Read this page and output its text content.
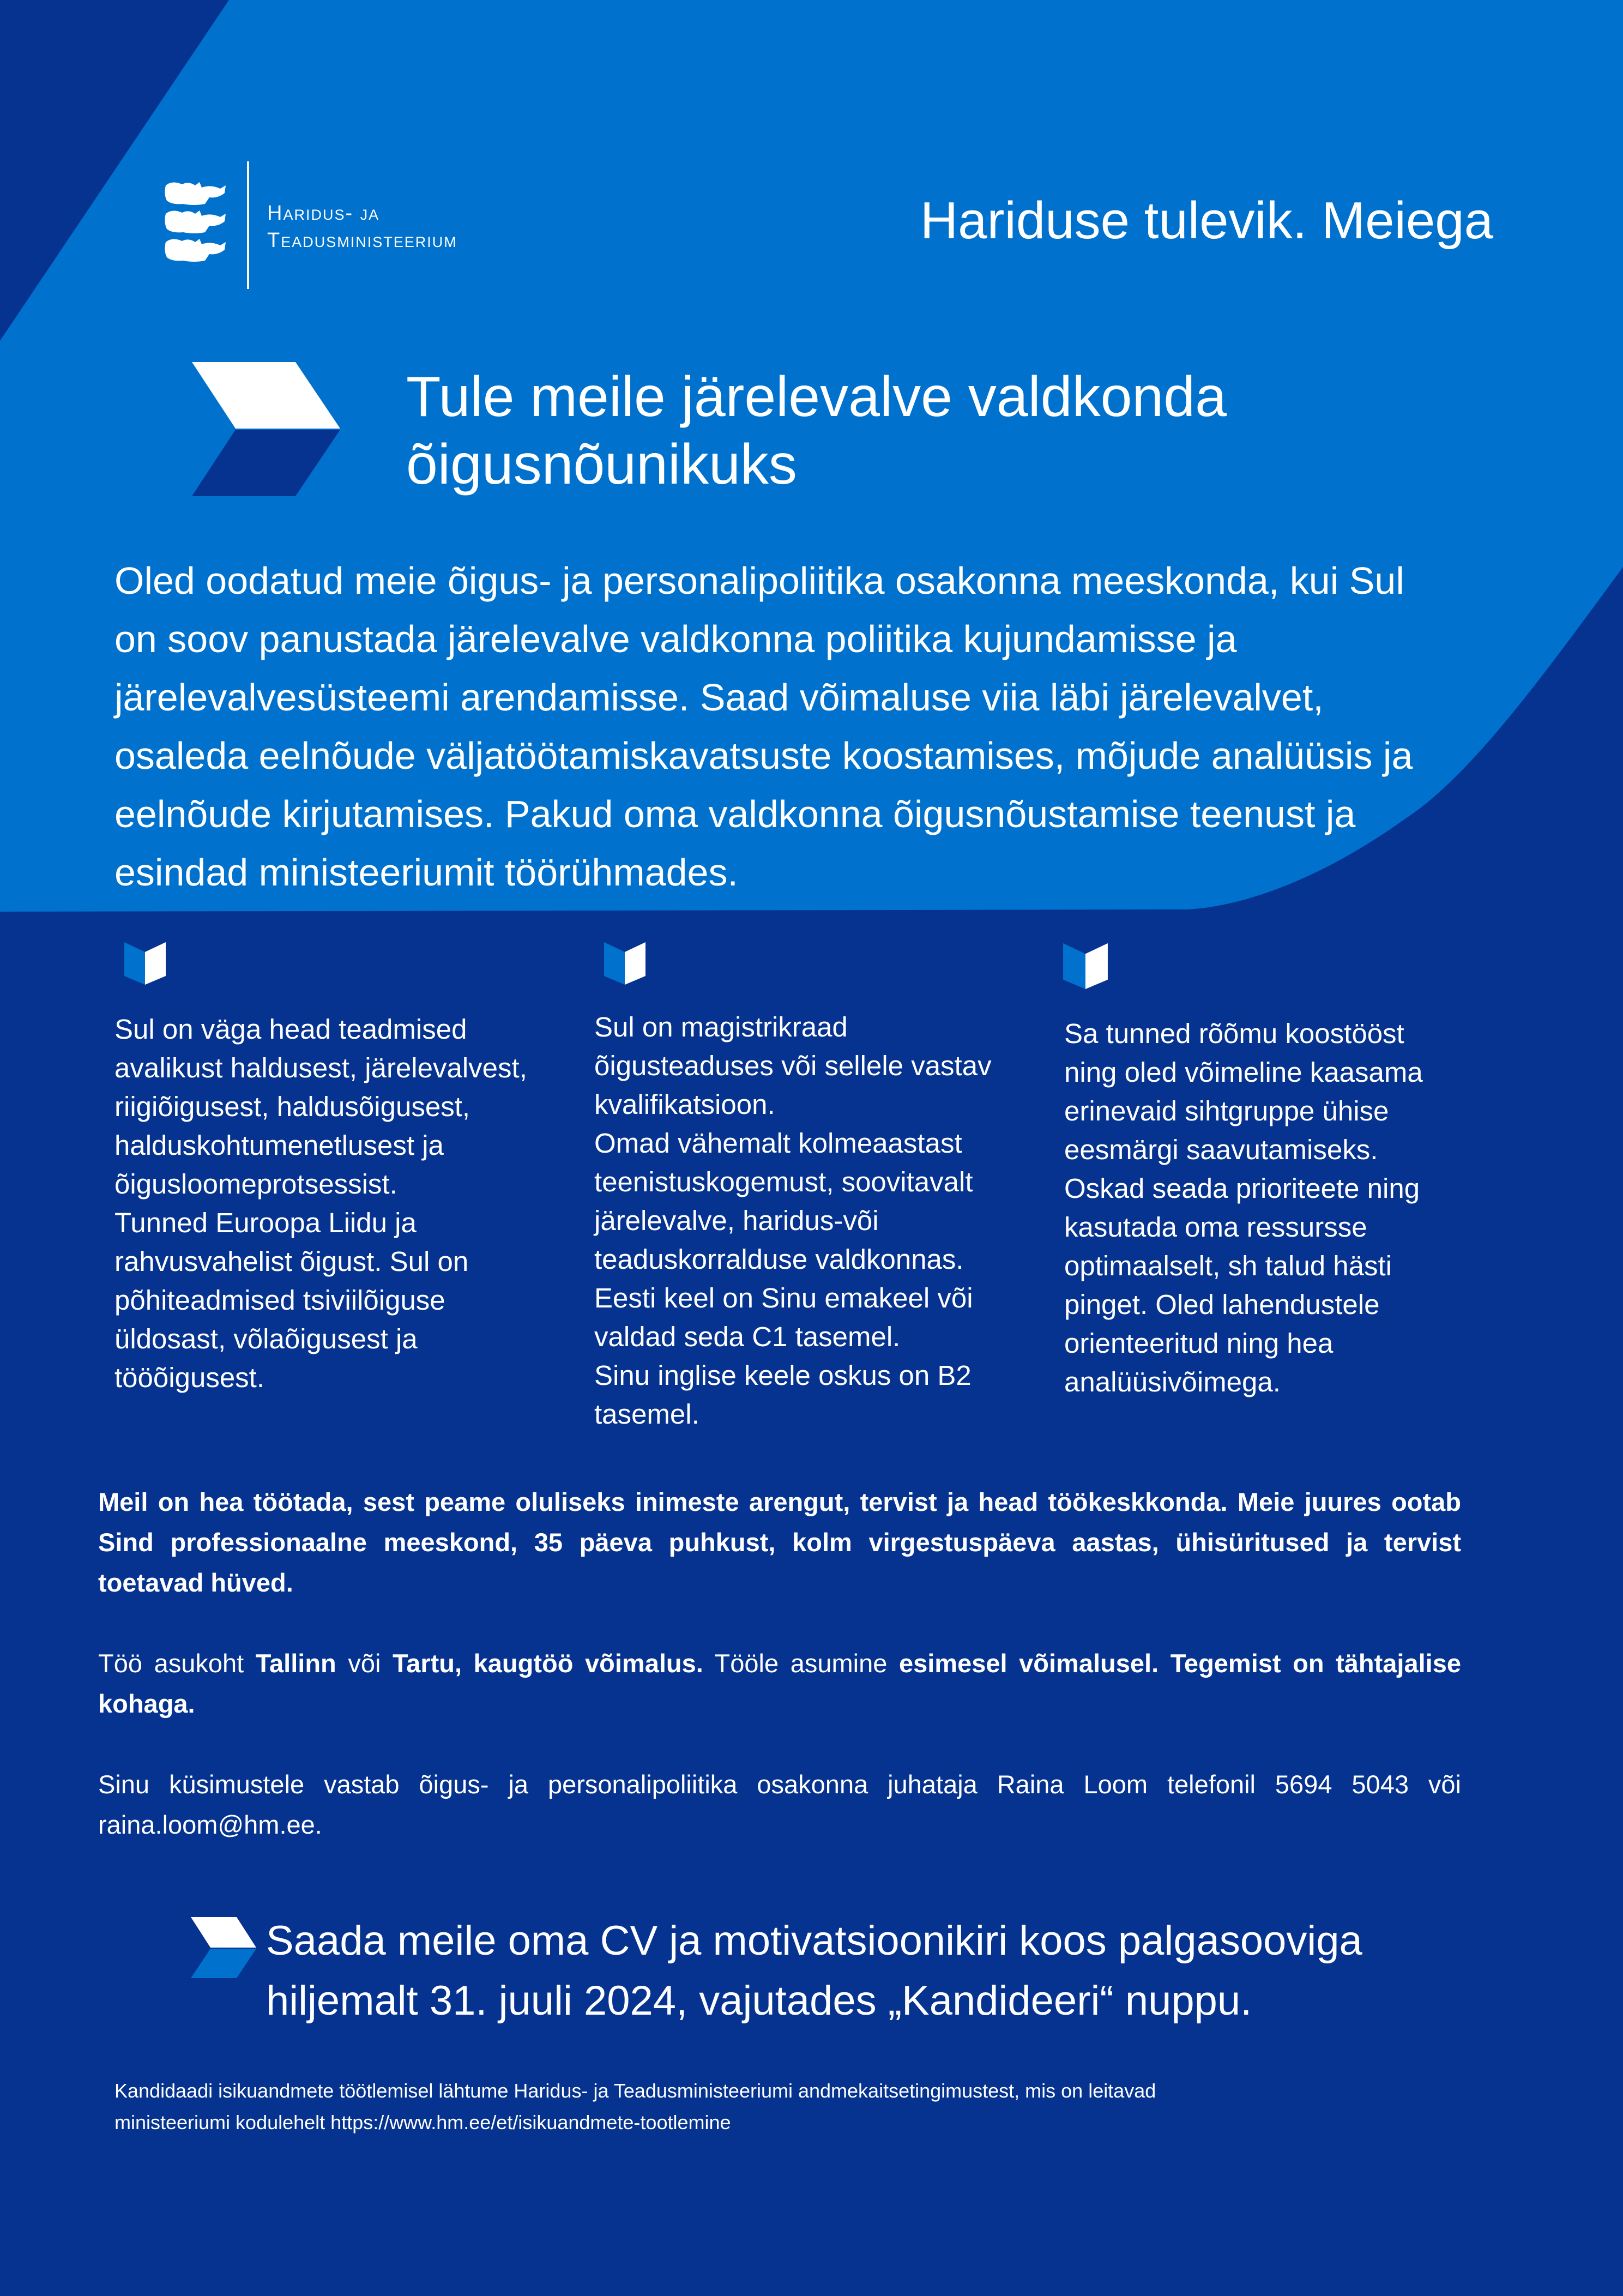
Haridus- ja
Teadusministeerium	Hariduse tulevik. Meiega
Tule meile järelevalve valdkonda
õigusnõunikuks
Oled oodatud meie õigus- ja personalipoliitika osakonna meeskonda, kui Sul on soov panustada järelevalve valdkonna poliitika kujundamisse ja järelevalvesüsteemi arendamisse. Saad võimaluse viia läbi järelevalvet, osaleda eelnõude väljatöötamiskavatsuste koostamises, mõjude analüüsis ja eelnõude kirjutamises. Pakud oma valdkonna õigusnõustamise teenust ja esindad ministeeriumit töörühmades.

Sul on väga head teadmised

avalikust haldusest, järelevalvest,

riigiõigusest, haldusõigusest,

halduskohtumenetlusest ja

õigusloomeprotsessist.

Tunned Euroopa Liidu ja

rahvusvahelist õigust. Sul on

põhiteadmised tsiviilõiguse

üldosast, võlaõigusest ja

tööõigusest.

Sul on magistrikraad

õigusteaduses või sellele vastav

kvalifikatsioon.

Omad vähemalt kolmeaastast

teenistuskogemust, soovitavalt

järelevalve, haridus-või

teaduskorralduse valdkonnas.

Eesti keel on Sinu emakeel või

valdad seda C1 tasemel.

Sinu inglise keele oskus on B2

tasemel.

Sa tunned rõõmu koostööst

ning oled võimeline kaasama

erinevaid sihtgruppe ühise

eesmärgi saavutamiseks.

Oskad seada prioriteete ning

kasutada oma ressursse

optimaalselt, sh talud hästi

pinget. Oled lahendustele

orienteeritud ning hea

analüüsivõimega.

Meil on hea töötada, sest peame oluliseks inimeste arengut, tervist ja head töökeskkonda. Meie juures ootab Sind professionaalne meeskond, 35 päeva puhkust, kolm virgestuspäeva aastas, ühisüritused ja tervist toetavad hüved.

Töö asukoht Tallinn või Tartu, kaugtöö võimalus. Tööle asumine esimesel võimalusel. Tegemist on tähtajalise kohaga.

Sinu küsimustele vastab õigus- ja personalipoliitika osakonna juhataja Raina Loom telefonil 5694 5043 või raina.loom@hm.ee.

Saada meile oma CV ja motivatsioonikiri koos palgasooviga
hiljemalt 31. juuli 2024, vajutades „Kandideeri“ nuppu.
Kandidaadi isikuandmete töötlemisel lähtume Haridus- ja Teadusministeeriumi andmekaitsetingimustest, mis on leitavad
ministeeriumi kodulehelt https://www.hm.ee/et/isikuandmete-tootlemine
